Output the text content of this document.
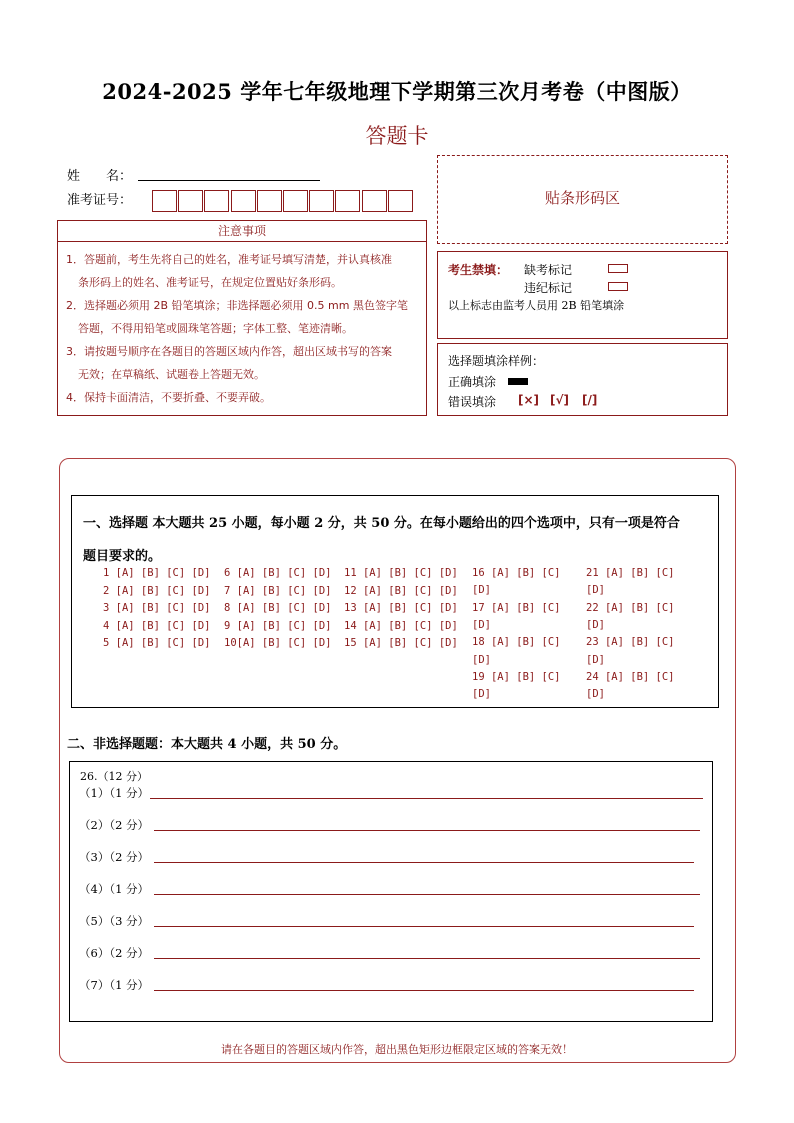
2024-2025 学年七年级地理下学期第三次月考卷（中图版）
答题卡
姓　　名：
准考证号：
注意事项
1．答题前，考生先将自己的姓名，准考证号填写清楚，并认真核准
条形码上的姓名、准考证号，在规定位置贴好条形码。
2．选择题必须用 2B 铅笔填涂；非选择题必须用 0.5 mm 黑色签字笔
答题，不得用铅笔或圆珠笔答题；字体工整、笔迹清晰。
3．请按题号顺序在各题目的答题区域内作答，超出区域书写的答案
无效；在草稿纸、试题卷上答题无效。
4．保持卡面清洁，不要折叠、不要弄破。
贴条形码区
考生禁填： 缺考标记
违纪标记
以上标志由监考人员用 2B 铅笔填涂
选择题填涂样例：
正确填涂
错误填涂 [×] [√] [/]
一、选择题 本大题共 25 小题，每小题 2 分，共 50 分。在每小题给出的四个选项中，只有一项是符合
题目要求的。
1 [A] [B] [C] [D]
2 [A] [B] [C] [D]
3 [A] [B] [C] [D]
4 [A] [B] [C] [D]
5 [A] [B] [C] [D]
6 [A] [B] [C] [D]
7 [A] [B] [C] [D]
8 [A] [B] [C] [D]
9 [A] [B] [C] [D]
10[A] [B] [C] [D]
11 [A] [B] [C] [D]
12 [A] [B] [C] [D]
13 [A] [B] [C] [D]
14 [A] [B] [C] [D]
15 [A] [B] [C] [D]
16 [A] [B] [C]
[D]
17 [A] [B] [C]
[D]
18 [A] [B] [C]
[D]
19 [A] [B] [C]
[D]
21 [A] [B] [C]
[D]
22 [A] [B] [C]
[D]
23 [A] [B] [C]
[D]
24 [A] [B] [C]
[D]
二、非选择题题：本大题共 4 小题，共 50 分。
26.（12 分）
（1）（1 分）
（2）（2 分）
（3）（2 分）
（4）（1 分）
（5）（3 分）
（6）（2 分）
（7）（1 分）
请在各题目的答题区域内作答，超出黑色矩形边框限定区域的答案无效！
